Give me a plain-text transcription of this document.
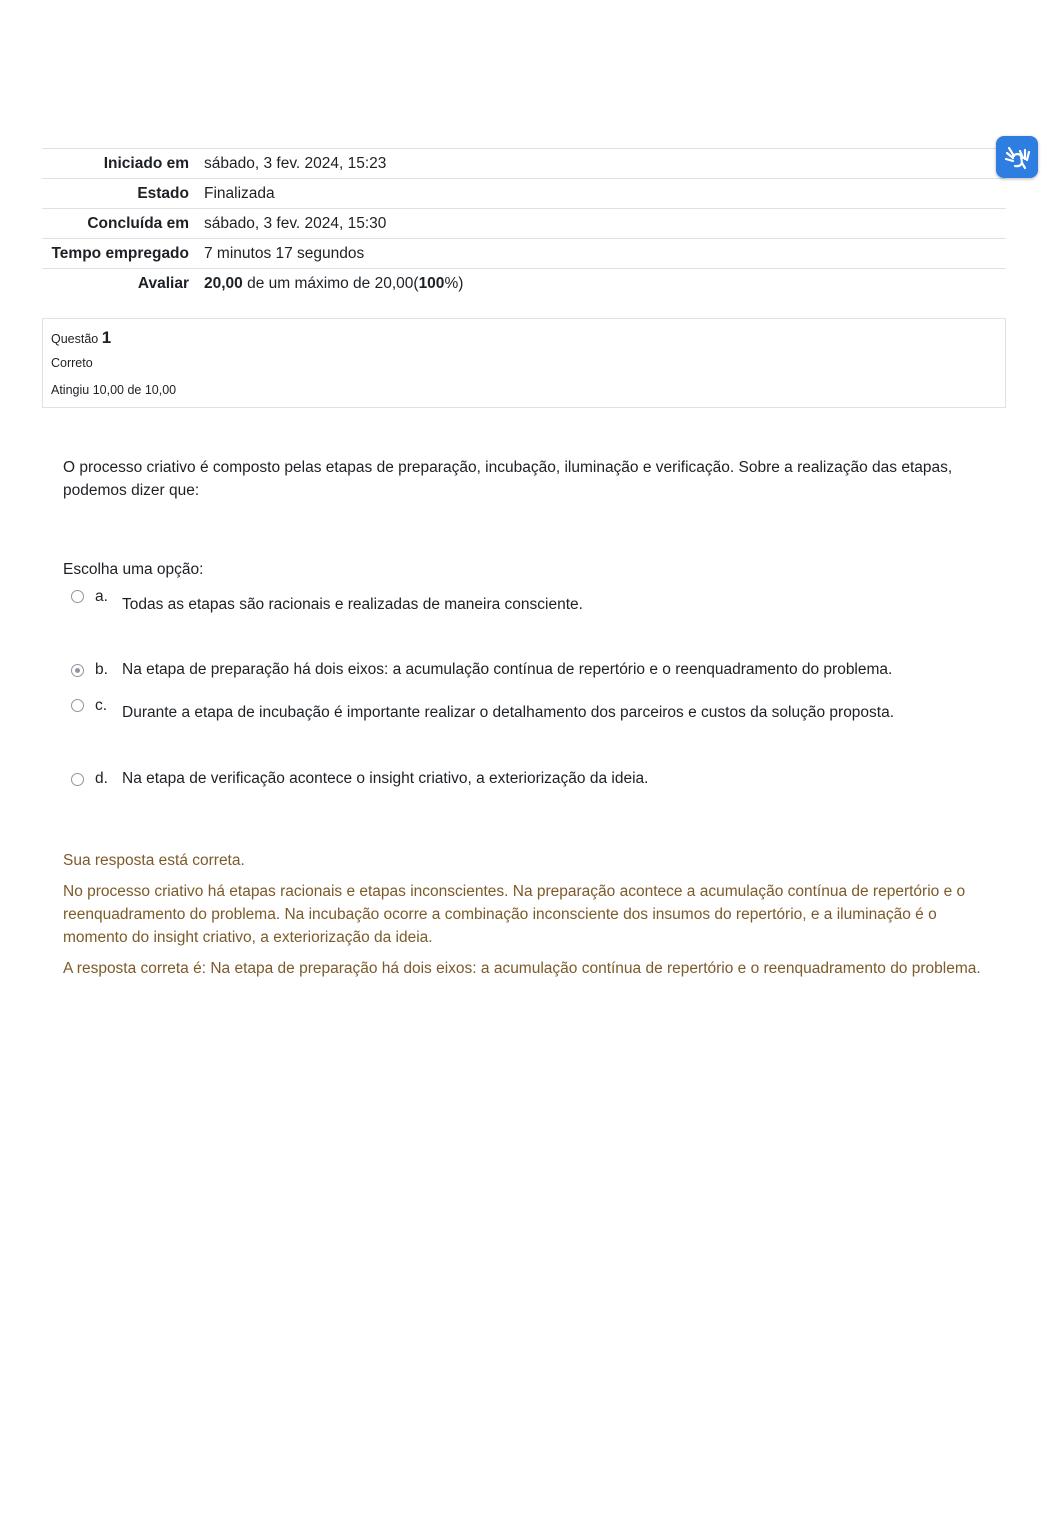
Iniciado em	sábado, 3 fev. 2024, 15:23
Estado	Finalizada
Concluída em	sábado, 3 fev. 2024, 15:30
Tempo empregado	7 minutos 17 segundos
Avaliar	20,00 de um máximo de 20,00(100%)
Questão 1
Correto
Atingiu 10,00 de 10,00
O processo criativo é composto pelas etapas de preparação, incubação, iluminação e verificação. Sobre a realização das etapas, podemos dizer que:
Escolha uma opção:
a. Todas as etapas são racionais e realizadas de maneira consciente.
b. Na etapa de preparação há dois eixos: a acumulação contínua de repertório e o reenquadramento do problema.
c. Durante a etapa de incubação é importante realizar o detalhamento dos parceiros e custos da solução proposta.
d. Na etapa de verificação acontece o insight criativo, a exteriorização da ideia.

Sua resposta está correta.

No processo criativo há etapas racionais e etapas inconscientes. Na preparação acontece a acumulação contínua de repertório e o reenquadramento do problema. Na incubação ocorre a combinação inconsciente dos insumos do repertório, e a iluminação é o momento do insight criativo, a exteriorização da ideia.

A resposta correta é: Na etapa de preparação há dois eixos: a acumulação contínua de repertório e o reenquadramento do problema.
